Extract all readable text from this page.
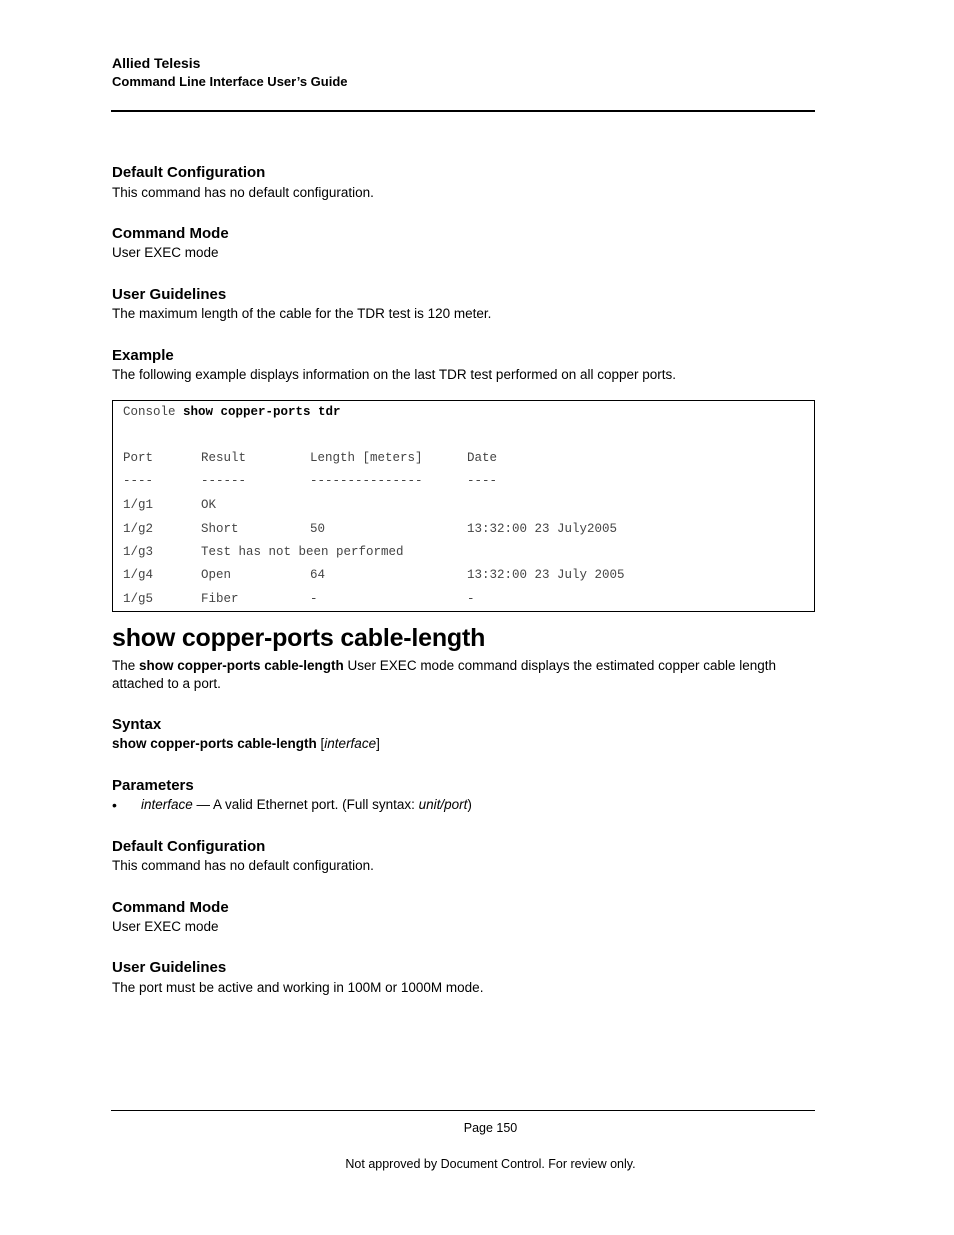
Allied Telesis
Command Line Interface User’s Guide
Default Configuration
This command has no default configuration.
Command Mode
User EXEC mode
User Guidelines
The maximum length of the cable for the TDR test is 120 meter.
Example
The following example displays information on the last TDR test performed on all copper ports.
Console show copper-ports tdr
Port	Result	Length [meters]	Date
----	------	---------------	----
1/g1	OK
1/g2	Short	50	13:32:00 23 July2005
1/g3	Test has not been performed
1/g4	Open	64	13:32:00 23 July 2005
1/g5	Fiber	-	-
show copper-ports cable-length
The show copper-ports cable-length User EXEC mode command displays the estimated copper cable length
attached to a port.
Syntax
show copper-ports cable-length [interface]
Parameters
• interface — A valid Ethernet port. (Full syntax: unit/port)
Default Configuration
This command has no default configuration.
Command Mode
User EXEC mode
User Guidelines
The port must be active and working in 100M or 1000M mode.
Page 150
Not approved by Document Control. For review only.
